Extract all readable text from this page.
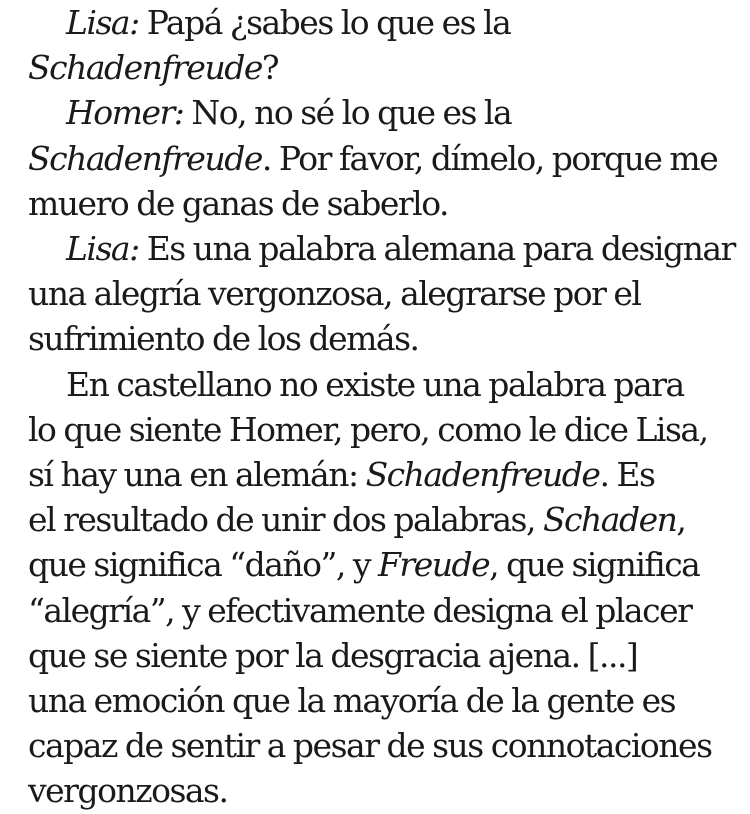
Lisa: Papá ¿sabes lo que es la
Schadenfreude?

Homer: No, no sé lo que es la
Schadenfreude. Por favor, dímelo, porque me
muero de ganas de saberlo.

Lisa: Es una palabra alemana para designar
una alegría vergonzosa, alegrarse por el
sufrimiento de los demás.

En castellano no existe una palabra para
lo que siente Homer, pero, como le dice Lisa,
sí hay una en alemán: Schadenfreude. Es
el resultado de unir dos palabras, Schaden,
que significa “daño”, y Freude, que significa
“alegría”, y efectivamente designa el placer
que se siente por la desgracia ajena. [...]
una emoción que la mayoría de la gente es
capaz de sentir a pesar de sus connotaciones
vergonzosas.
